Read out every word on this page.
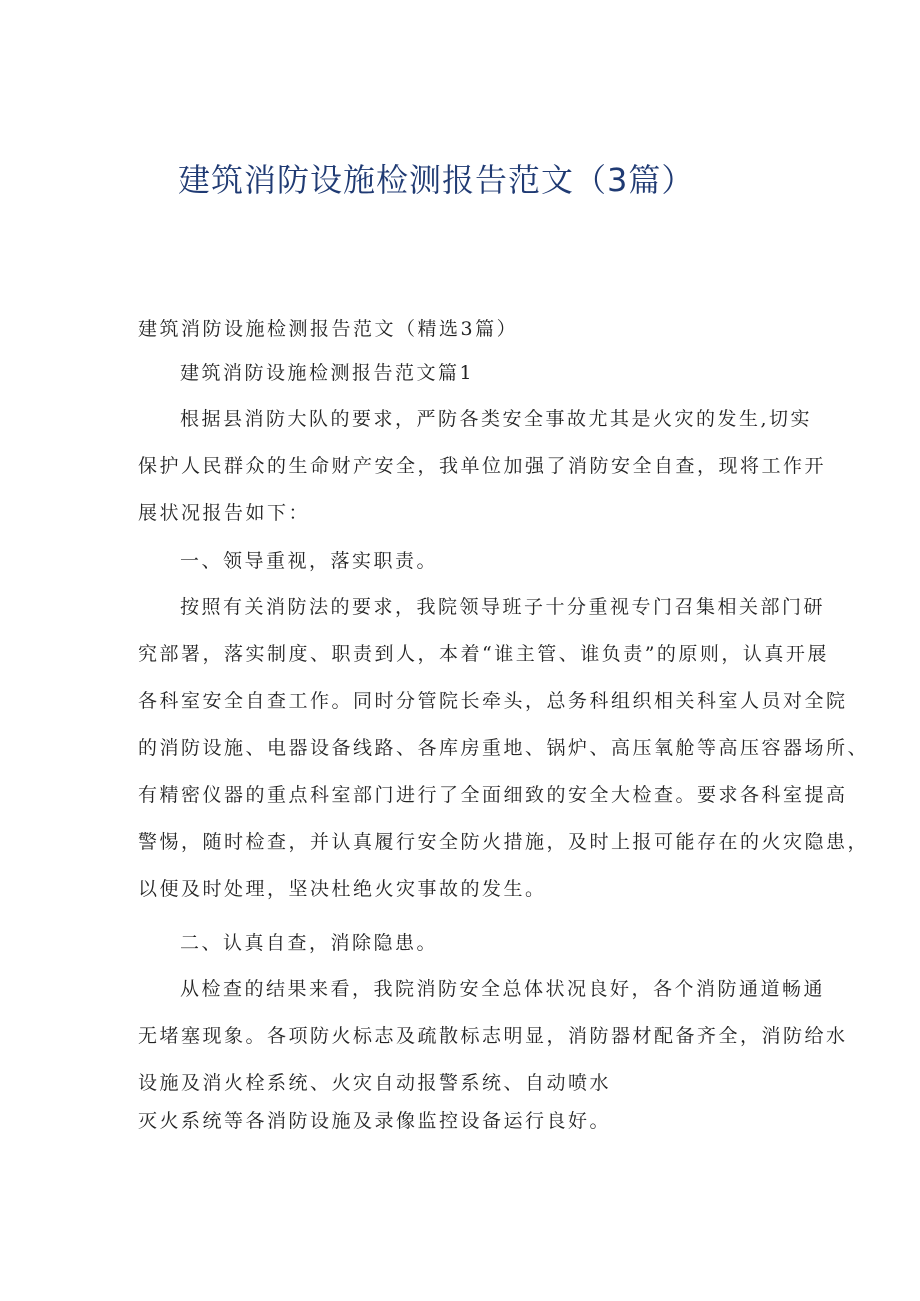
建筑消防设施检测报告范文（3篇）

建筑消防设施检测报告范文（精选3篇）

建筑消防设施检测报告范文篇1

根据县消防大队的要求，严防各类安全事故尤其是火灾的发生,切实
保护人民群众的生命财产安全，我单位加强了消防安全自查，现将工作开
展状况报告如下：

一、领导重视，落实职责。

按照有关消防法的要求，我院领导班子十分重视专门召集相关部门研
究部署，落实制度、职责到人，本着“谁主管、谁负责”的原则，认真开展
各科室安全自查工作。同时分管院长牵头，总务科组织相关科室人员对全院
的消防设施、电器设备线路、各库房重地、锅炉、高压氧舱等高压容器场所、
有精密仪器的重点科室部门进行了全面细致的安全大检查。要求各科室提高
警惕，随时检查，并认真履行安全防火措施，及时上报可能存在的火灾隐患，
以便及时处理，坚决杜绝火灾事故的发生。

二、认真自查，消除隐患。

从检查的结果来看，我院消防安全总体状况良好，各个消防通道畅通
无堵塞现象。各项防火标志及疏散标志明显，消防器材配备齐全，消防给水
设施及消火栓系统、火灾自动报警系统、自动喷水
灭火系统等各消防设施及录像监控设备运行良好。
